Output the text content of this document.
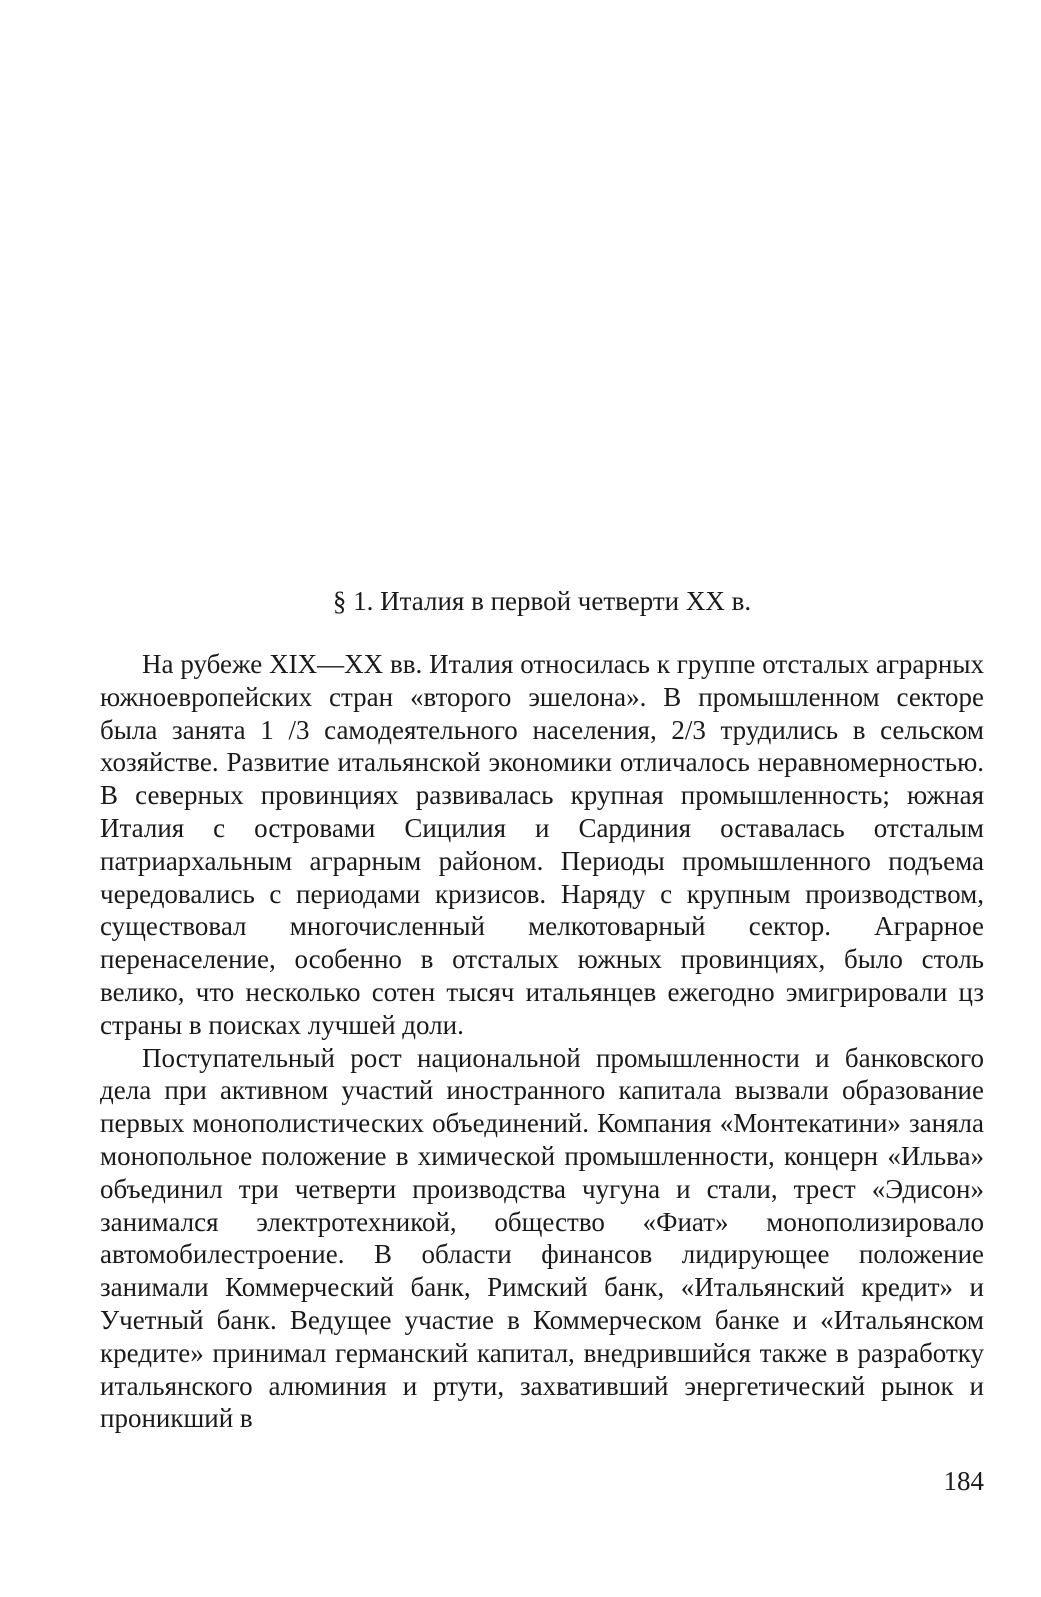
§ 1. Италия в первой четверти XX в.

На рубеже XIX—XX вв. Италия относилась к группе отсталых аграрных южноевропейских стран «второго эшелона». В промышленном секторе была занята 1 /3 самодеятельного населения, 2/3 трудились в сельском хозяйстве. Развитие итальянской экономики отличалось неравномерностью. В северных провинциях развивалась крупная промышленность; южная Италия с островами Сицилия и Сардиния оставалась отсталым патриархальным аграрным районом. Периоды промышленного подъема чередовались с периодами кризисов. Наряду с крупным производством, существовал многочисленный мелкотоварный сектор. Аграрное перенаселение, особенно в отсталых южных провинциях, было столь велико, что несколько сотен тысяч итальянцев ежегодно эмигрировали цз страны в поисках лучшей доли.

Поступательный рост национальной промышленности и банковского дела при активном участий иностранного капитала вызвали образование первых монополистических объединений. Компания «Монтекатини» заняла монопольное положение в химической промышленности, концерн «Ильва» объединил три четверти производства чугуна и стали, трест «Эдисон» занимался электротехникой, общество «Фиат» монополизировало автомобилестроение. В области финансов лидирующее положение занимали Коммерческий банк, Римский банк, «Итальянский кредит» и Учетный банк. Ведущее участие в Коммерческом банке и «Итальянском кредите» принимал германский капитал, внедрившийся также в разработку итальянского алюминия и ртути, захвативший энергетический рынок и проникший в

184
